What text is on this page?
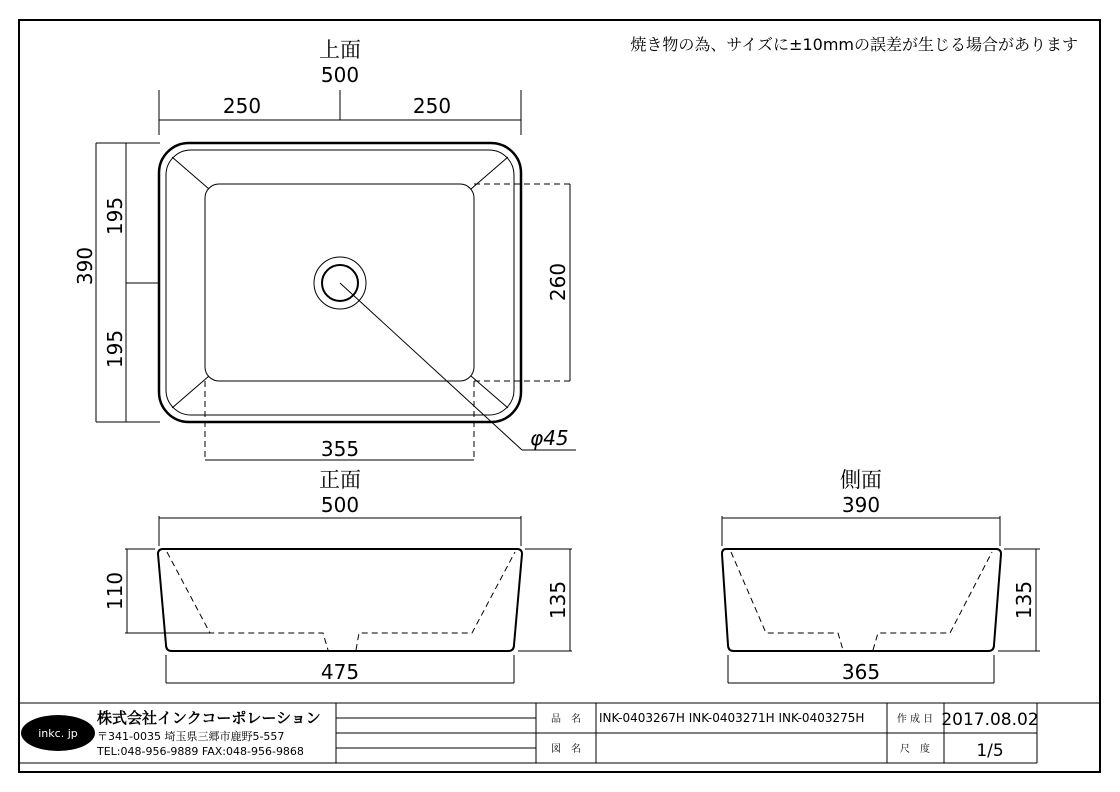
焼き物の為、サイズに±10mmの誤差が生じる場合があります
上面
500
250	250
390
195
195
260
355	φ45
正面
500
110	135
475
側面
390
135
365
inkc. jp
株式会社インクコーポレーション
〒341-0035 埼玉県三郷市鹿野5-557
TEL:048-956-9889 FAX:048-956-9868
品　名 INK-0403267H INK-0403271H INK-0403275H
図　名
作 成 日 2017.08.02
尺　度	1/5
